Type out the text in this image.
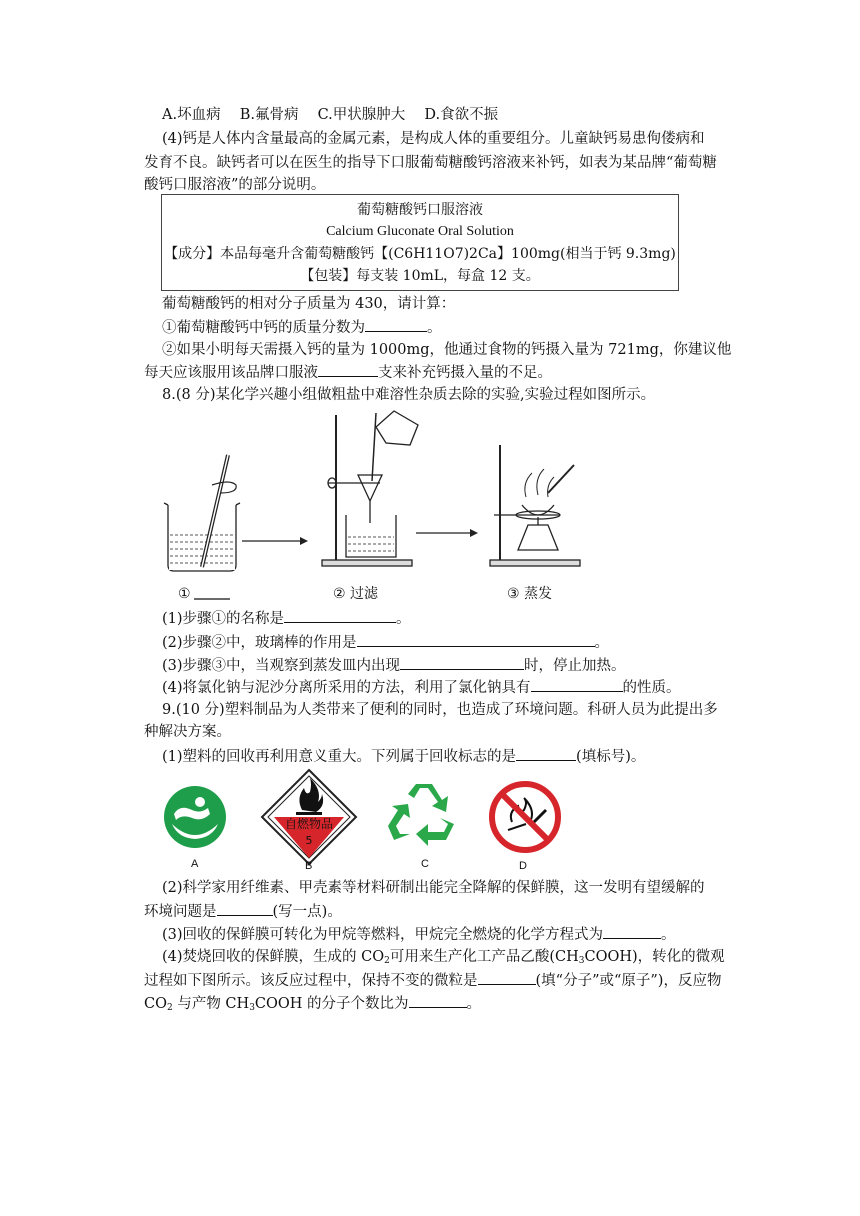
A.坏血病　 B.氟骨病　 C.甲状腺肿大　 D.食欲不振
(4)钙是人体内含量最高的金属元素，是构成人体的重要组分。儿童缺钙易患佝偻病和
发育不良。缺钙者可以在医生的指导下口服葡萄糖酸钙溶液来补钙，如表为某品牌“葡萄糖
酸钙口服溶液”的部分说明。
葡萄糖酸钙口服溶液
Calcium Gluconate Oral Solution
【成分】本品每毫升含葡萄糖酸钙【(C6H11O7)2Ca】100mg(相当于钙 9.3mg)
【包装】每支装 10mL，每盒 12 支。
葡萄糖酸钙的相对分子质量为 430，请计算：
①葡萄糖酸钙中钙的质量分数为	。
②如果小明每天需摄入钙的量为 1000mg，他通过食物的钙摄入量为 721mg，你建议他
每天应该服用该品牌口服液	支来补充钙摄入量的不足。
8.(8 分)某化学兴趣小组做粗盐中难溶性杂质去除的实验,实验过程如图所示。
①	② 过滤	③ 蒸发
(1)步骤①的名称是	。
(2)步骤②中，玻璃棒的作用是	。
(3)步骤③中，当观察到蒸发皿内出现	时，停止加热。
(4)将氯化钠与泥沙分离所采用的方法，利用了氯化钠具有	的性质。
9.(10 分)塑料制品为人类带来了便利的同时，也造成了环境问题。科研人员为此提出多
种解决方案。
(1)塑料的回收再利用意义重大。下列属于回收标志的是	(填标号)。
A
自燃物品
5
B	C	D
(2)科学家用纤维素、甲壳素等材料研制出能完全降解的保鲜膜，这一发明有望缓解的
环境问题是	(写一点)。
(3)回收的保鲜膜可转化为甲烷等燃料，甲烷完全燃烧的化学方程式为	。
(4)焚烧回收的保鲜膜，生成的 $CO_2$可用来生产化工产品乙酸$(CH_3COOH)$，转化的微观
过程如下图所示。该反应过程中，保持不变的微粒是	(填“分子”或“原子”)，反应物
$CO_2$ 与产物 $CH_3COOH$ 的分子个数比为	。
